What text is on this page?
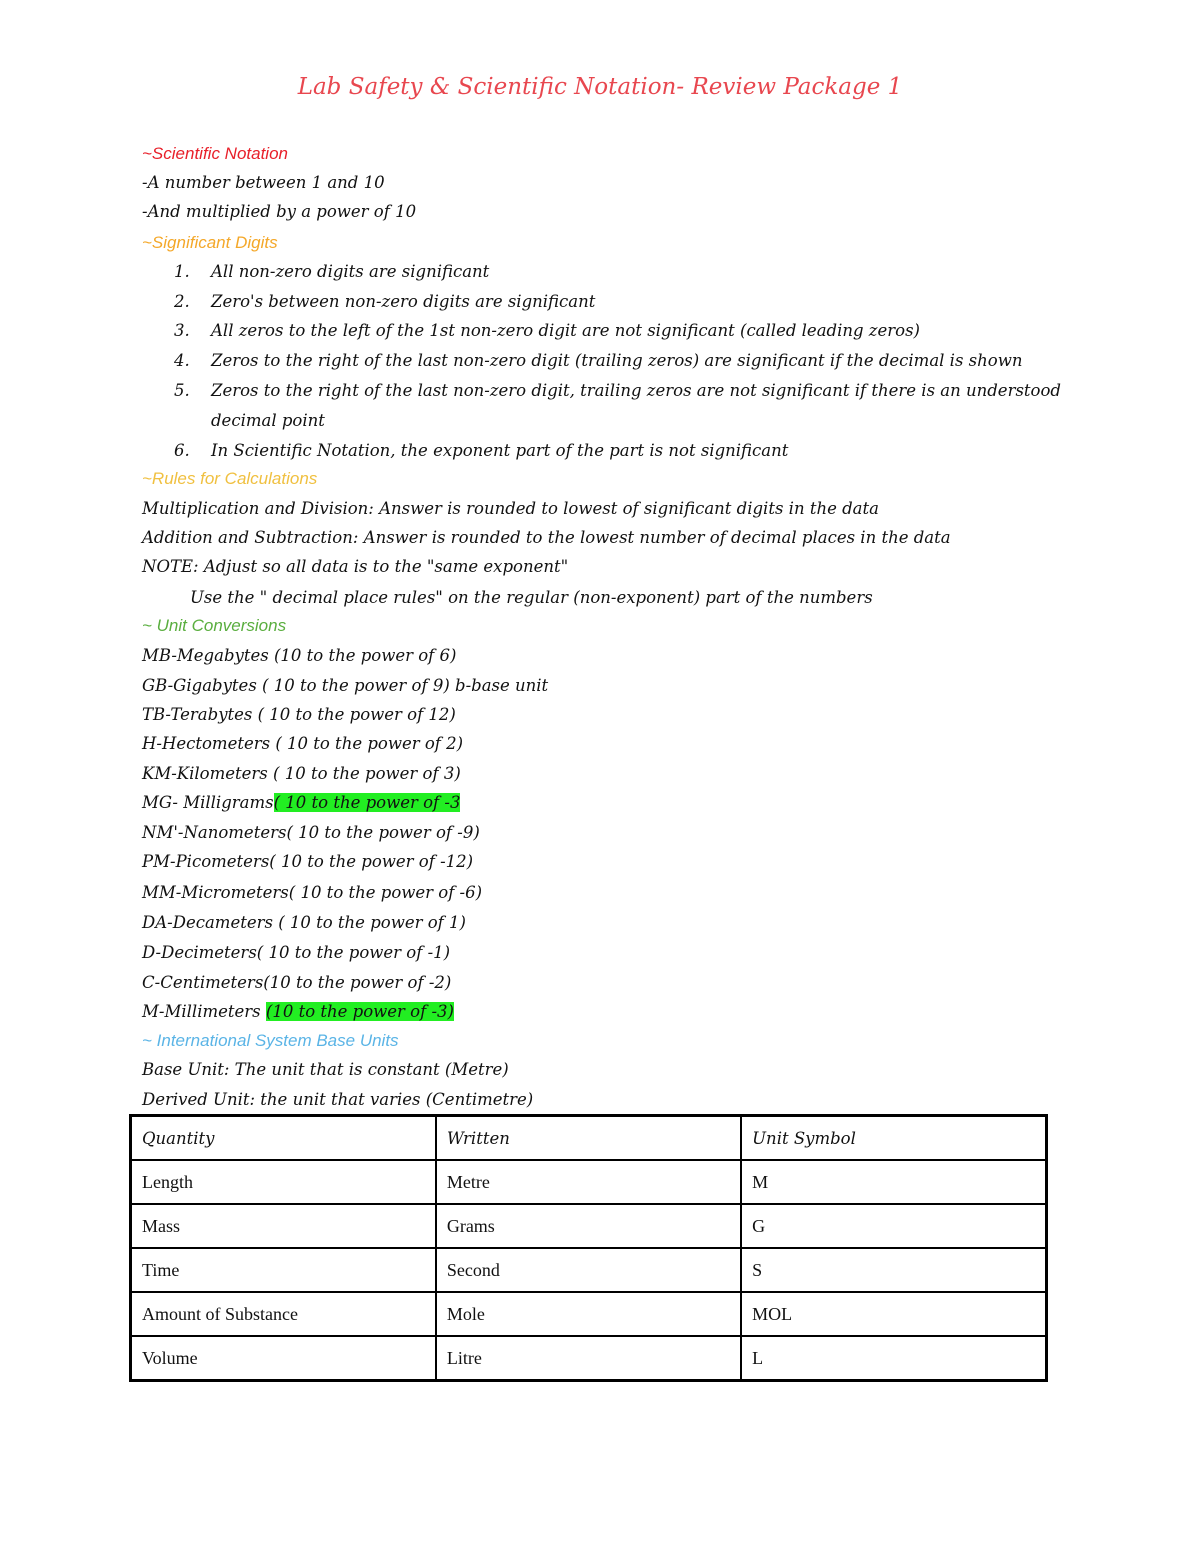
Lab Safety & Scientific Notation- Review Package 1
~Scientific Notation
-A number between 1 and 10
-And multiplied by a power of 10
~Significant Digits
1. All non-zero digits are significant
2. Zero's between non-zero digits are significant
3. All zeros to the left of the 1st non-zero digit are not significant (called leading zeros)
4. Zeros to the right of the last non-zero digit (trailing zeros) are significant if the decimal is shown
5. Zeros to the right of the last non-zero digit, trailing zeros are not significant if there is an understood decimal point
6. In Scientific Notation, the exponent part of the part is not significant
~Rules for Calculations
Multiplication and Division: Answer is rounded to lowest of significant digits in the data
Addition and Subtraction: Answer is rounded to the lowest number of decimal places in the data
NOTE: Adjust so all data is to the "same exponent"
Use the " decimal place rules" on the regular (non-exponent) part of the numbers
~ Unit Conversions
MB-Megabytes (10 to the power of 6)
GB-Gigabytes ( 10 to the power of 9) b-base unit
TB-Terabytes ( 10 to the power of 12)
H-Hectometers ( 10 to the power of 2)
KM-Kilometers ( 10 to the power of 3)
MG- Milligrams( 10 to the power of -3
NM'-Nanometers( 10 to the power of -9)
PM-Picometers( 10 to the power of -12)
MM-Micrometers( 10 to the power of -6)
DA-Decameters ( 10 to the power of 1)
D-Decimeters( 10 to the power of -1)
C-Centimeters(10 to the power of -2)
M-Millimeters (10 to the power of -3)
~ International System Base Units
Base Unit: The unit that is constant (Metre)
Derived Unit: the unit that varies (Centimetre)
Quantity	Written	Unit Symbol
Length	Metre	M
Mass	Grams	G
Time	Second	S
Amount of Substance	Mole	MOL
Volume	Litre	L
